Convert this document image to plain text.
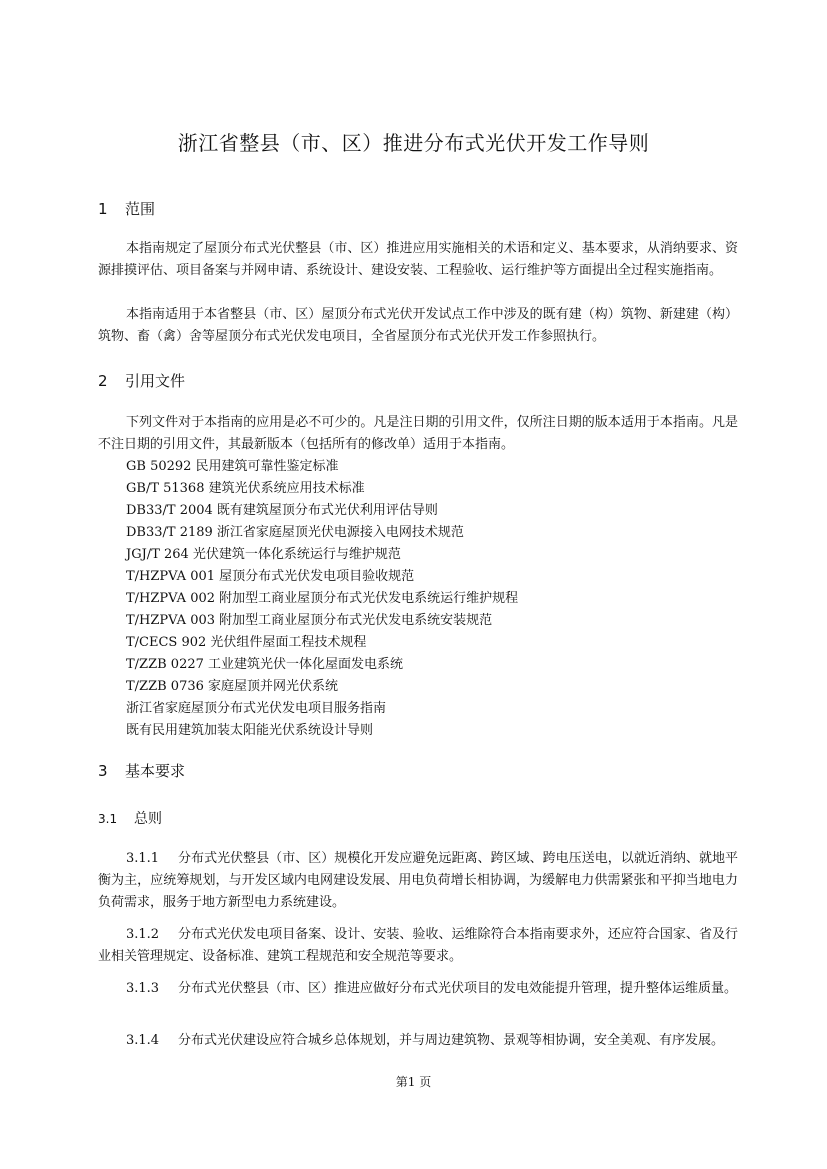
浙江省整县（市、区）推进分布式光伏开发工作导则
1 范围

本指南规定了屋顶分布式光伏整县（市、区）推进应用实施相关的术语和定义、基本要求，从消纳要求、资源排摸评估、项目备案与并网申请、系统设计、建设安装、工程验收、运行维护等方面提出全过程实施指南。

本指南适用于本省整县（市、区）屋顶分布式光伏开发试点工作中涉及的既有建（构）筑物、新建建（构）筑物、畜（禽）舍等屋顶分布式光伏发电项目，全省屋顶分布式光伏开发工作参照执行。

2 引用文件

下列文件对于本指南的应用是必不可少的。凡是注日期的引用文件，仅所注日期的版本适用于本指南。凡是不注日期的引用文件，其最新版本（包括所有的修改单）适用于本指南。

GB 50292 民用建筑可靠性鉴定标准
GB/T 51368 建筑光伏系统应用技术标准
DB33/T 2004 既有建筑屋顶分布式光伏利用评估导则
DB33/T 2189 浙江省家庭屋顶光伏电源接入电网技术规范
JGJ/T 264 光伏建筑一体化系统运行与维护规范
T/HZPVA 001 屋顶分布式光伏发电项目验收规范
T/HZPVA 002 附加型工商业屋顶分布式光伏发电系统运行维护规程
T/HZPVA 003 附加型工商业屋顶分布式光伏发电系统安装规范
T/CECS 902 光伏组件屋面工程技术规程
T/ZZB 0227 工业建筑光伏一体化屋面发电系统
T/ZZB 0736 家庭屋顶并网光伏系统
浙江省家庭屋顶分布式光伏发电项目服务指南
既有民用建筑加装太阳能光伏系统设计导则
3 基本要求
3.1 总则

3.1.1 分布式光伏整县（市、区）规模化开发应避免远距离、跨区域、跨电压送电，以就近消纳、就地平衡为主，应统筹规划，与开发区域内电网建设发展、用电负荷增长相协调，为缓解电力供需紧张和平抑当地电力负荷需求，服务于地方新型电力系统建设。

3.1.2 分布式光伏发电项目备案、设计、安装、验收、运维除符合本指南要求外，还应符合国家、省及行业相关管理规定、设备标准、建筑工程规范和安全规范等要求。

3.1.3 分布式光伏整县（市、区）推进应做好分布式光伏项目的发电效能提升管理，提升整体运维质量。

3.1.4 分布式光伏建设应符合城乡总体规划，并与周边建筑物、景观等相协调，安全美观、有序发展。

第1 页
